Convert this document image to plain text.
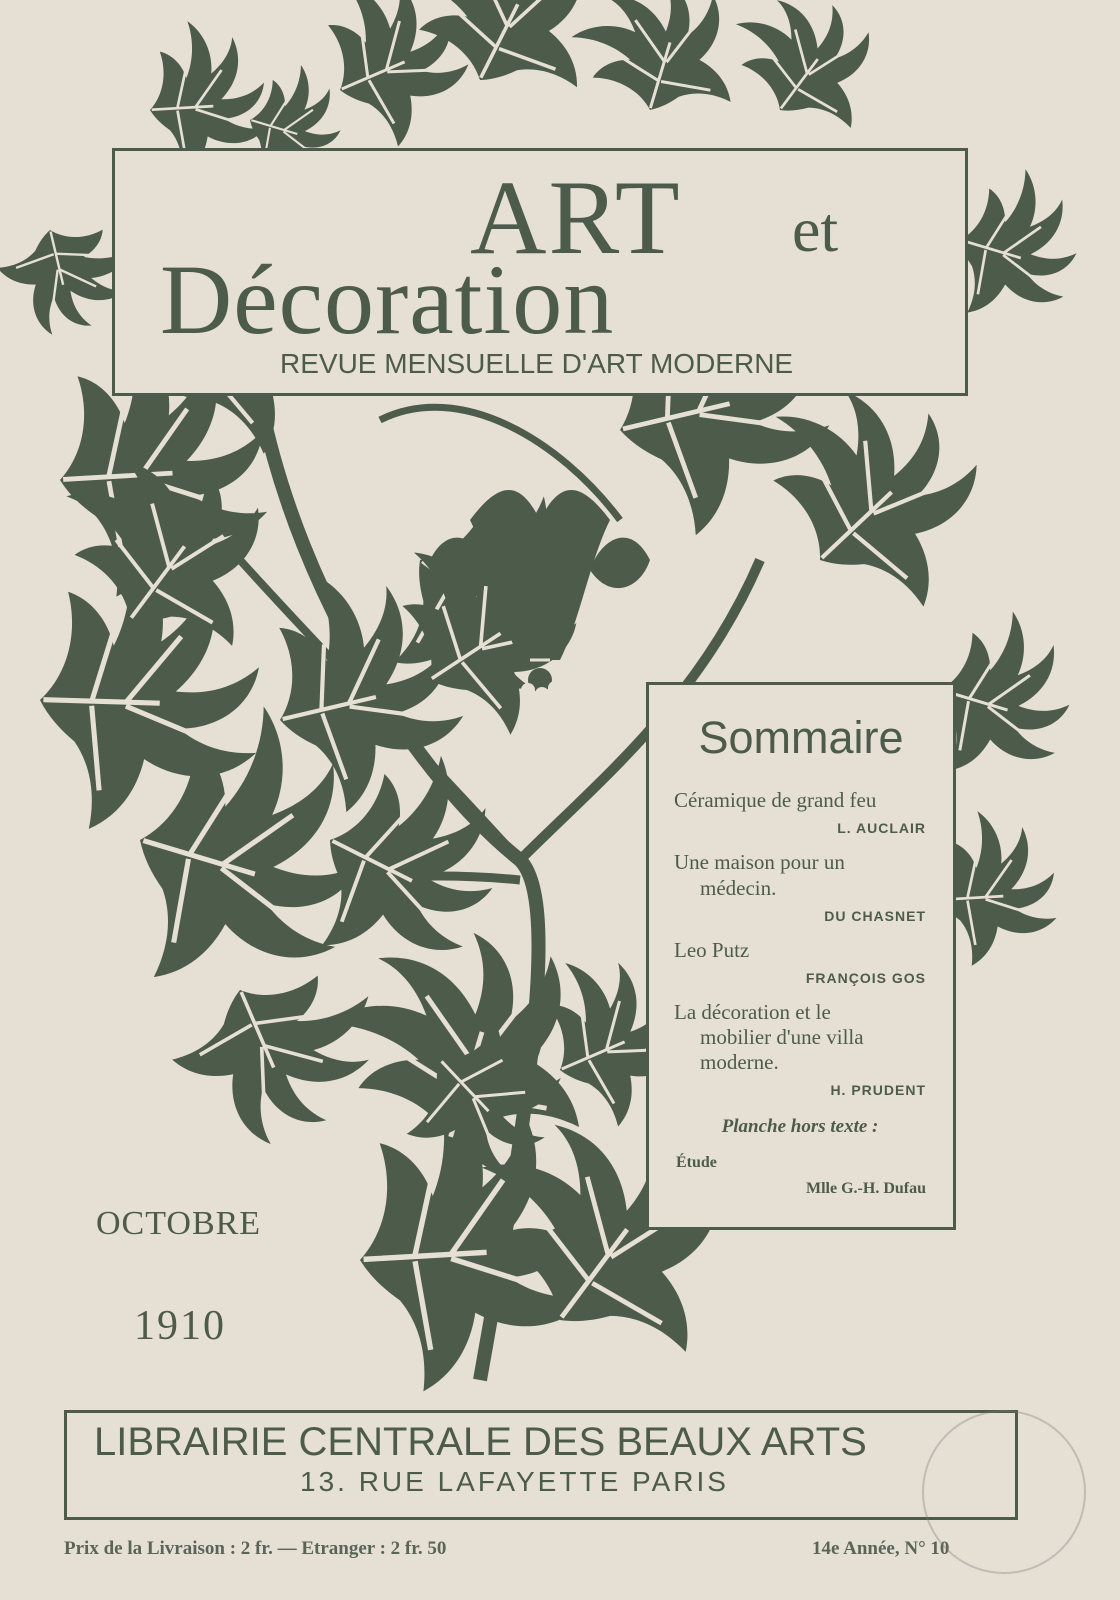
ART et
Décoration
REVUE MENSUELLE D'ART MODERNE
Sommaire
Céramique de grand feu
L. AUCLAIR
Une maison pour un
médecin.
DU CHASNET
Leo Putz
FRANÇOIS GOS
La décoration et le
mobilier d'une villa
moderne.
H. PRUDENT
Planche hors texte :
Étude
Mlle G.-H. Dufau
OCTOBRE
1910
LIBRAIRIE CENTRALE DES BEAUX ARTS
13. RUE LAFAYETTE PARIS
Prix de la Livraison : 2 fr. — Etranger : 2 fr. 50	14e Année, N° 10
